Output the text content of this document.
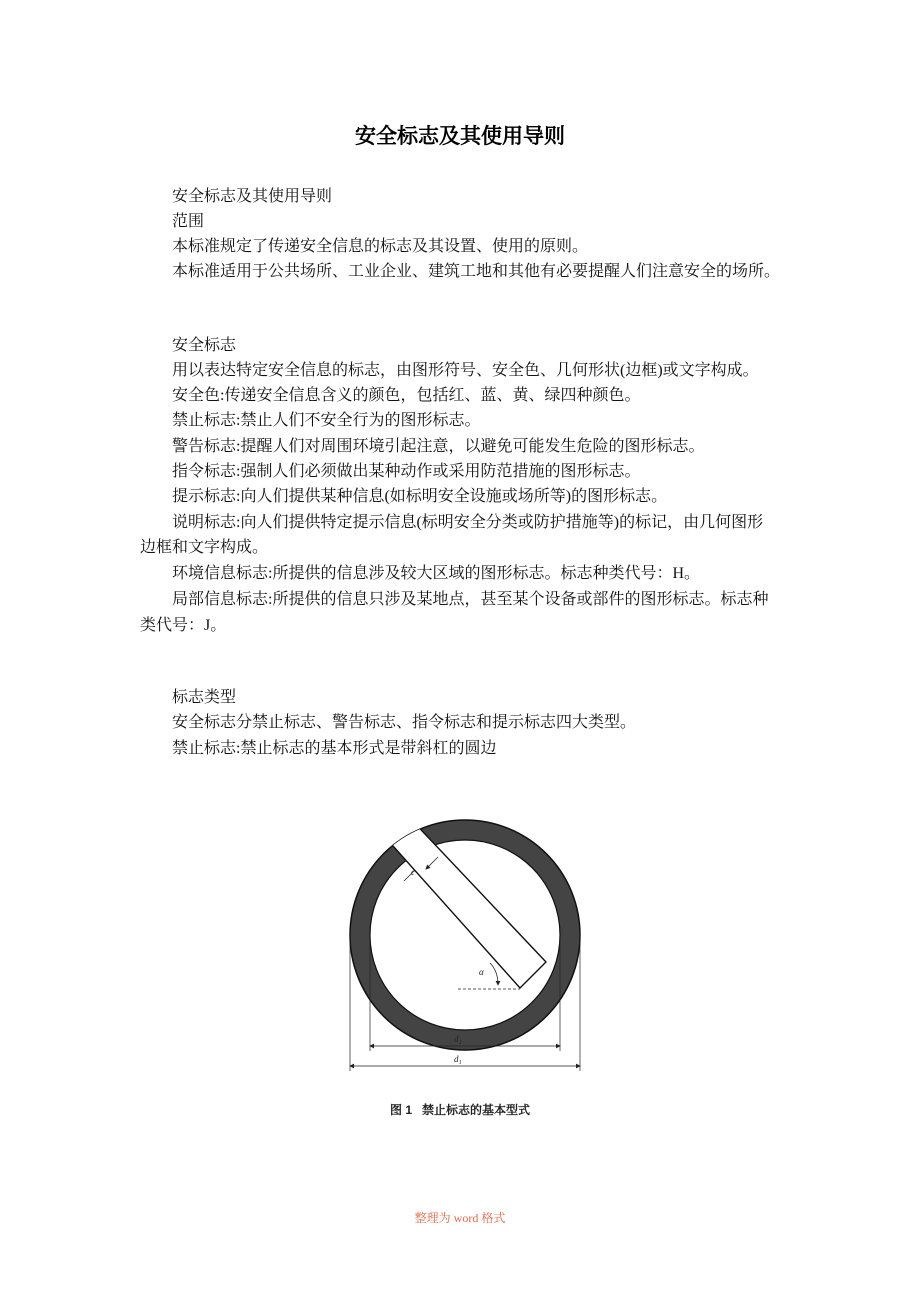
安全标志及其使用导则
安全标志及其使用导则
范围
本标准规定了传递安全信息的标志及其设置、使用的原则。
本标准适用于公共场所、工业企业、建筑工地和其他有必要提醒人们注意安全的场所。
安全标志
用以表达特定安全信息的标志，由图形符号、安全色、几何形状(边框)或文字构成。
安全色:传递安全信息含义的颜色，包括红、蓝、黄、绿四种颜色。
禁止标志:禁止人们不安全行为的图形标志。
警告标志:提醒人们对周围环境引起注意，以避免可能发生危险的图形标志。
指令标志:强制人们必须做出某种动作或采用防范措施的图形标志。
提示标志:向人们提供某种信息(如标明安全设施或场所等)的图形标志。
说明标志:向人们提供特定提示信息(标明安全分类或防护措施等)的标记，由几何图形
边框和文字构成。
环境信息标志:所提供的信息涉及较大区域的图形标志。标志种类代号：H。
局部信息标志:所提供的信息只涉及某地点，甚至某个设备或部件的图形标志。标志种
类代号：J。
标志类型
安全标志分禁止标志、警告标志、指令标志和提示标志四大类型。
禁止标志:禁止标志的基本形式是带斜杠的圆边
c
α
d₂
d₁
图 1   禁止标志的基本型式
整理为 word 格式
